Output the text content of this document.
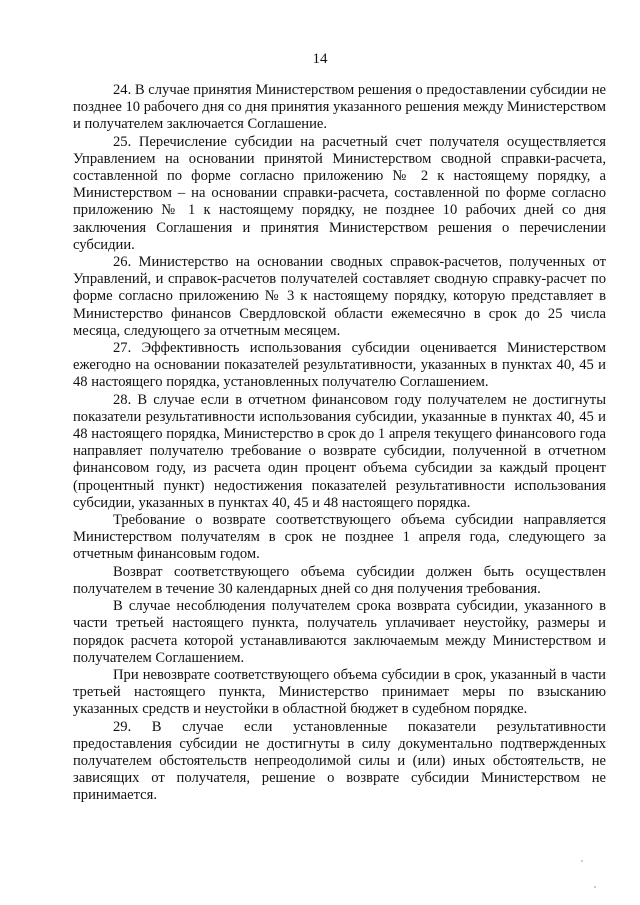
14

24. В случае принятия Министерством решения о предоставлении субсидии не позднее 10 рабочего дня со дня принятия указанного решения между Министерством и получателем заключается Соглашение.

25. Перечисление субсидии на расчетный счет получателя осуществляется Управлением на основании принятой Министерством сводной справки-расчета, составленной по форме согласно приложению № 2 к настоящему порядку, а Министерством – на основании справки-расчета, составленной по форме согласно приложению № 1 к настоящему порядку, не позднее 10 рабочих дней со дня заключения Соглашения и принятия Министерством решения о перечислении субсидии.

26. Министерство на основании сводных справок-расчетов, полученных от Управлений, и справок-расчетов получателей составляет сводную справку-расчет по форме согласно приложению № 3 к настоящему порядку, которую представляет в Министерство финансов Свердловской области ежемесячно в срок до 25 числа месяца, следующего за отчетным месяцем.

27. Эффективность использования субсидии оценивается Министерством ежегодно на основании показателей результативности, указанных в пунктах 40, 45 и 48 настоящего порядка, установленных получателю Соглашением.

28. В случае если в отчетном финансовом году получателем не достигнуты показатели результативности использования субсидии, указанные в пунктах 40, 45 и 48 настоящего порядка, Министерство в срок до 1 апреля текущего финансового года направляет получателю требование о возврате субсидии, полученной в отчетном финансовом году, из расчета один процент объема субсидии за каждый процент (процентный пункт) недостижения показателей результативности использования субсидии, указанных в пунктах 40, 45 и 48 настоящего порядка.

Требование о возврате соответствующего объема субсидии направляется Министерством получателям в срок не позднее 1 апреля года, следующего за отчетным финансовым годом.

Возврат соответствующего объема субсидии должен быть осуществлен получателем в течение 30 календарных дней со дня получения требования.

В случае несоблюдения получателем срока возврата субсидии, указанного в части третьей настоящего пункта, получатель уплачивает неустойку, размеры и порядок расчета которой устанавливаются заключаемым между Министерством и получателем Соглашением.

При невозврате соответствующего объема субсидии в срок, указанный в части третьей настоящего пункта, Министерство принимает меры по взысканию указанных средств и неустойки в областной бюджет в судебном порядке.

29. В случае если установленные показатели результативности предоставления субсидии не достигнуты в силу документально подтвержденных получателем обстоятельств непреодолимой силы и (или) иных обстоятельств, не зависящих от получателя, решение о возврате субсидии Министерством не принимается.
